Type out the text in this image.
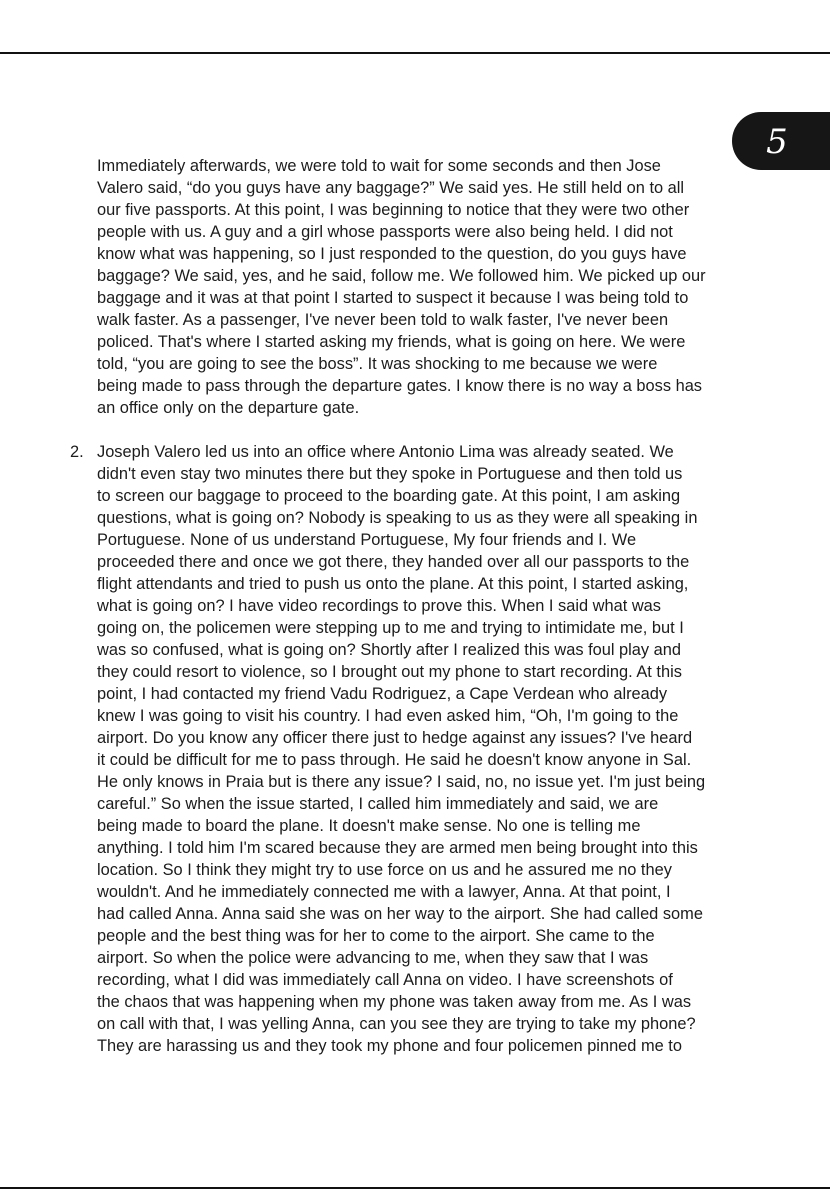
5
Immediately afterwards, we were told to wait for some seconds and then Jose
Valero said, “do you guys have any baggage?” We said yes. He still held on to all
our five passports. At this point, I was beginning to notice that they were two other
people with us. A guy and a girl whose passports were also being held. I did not
know what was happening, so I just responded to the question, do you guys have
baggage? We said, yes, and he said, follow me. We followed him. We picked up our
baggage and it was at that point I started to suspect it because I was being told to
walk faster. As a passenger, I've never been told to walk faster, I've never been
policed. That's where I started asking my friends, what is going on here. We were
told, “you are going to see the boss”. It was shocking to me because we were
being made to pass through the departure gates. I know there is no way a boss has
an office only on the departure gate.
2. Joseph Valero led us into an office where Antonio Lima was already seated. We
didn't even stay two minutes there but they spoke in Portuguese and then told us
to screen our baggage to proceed to the boarding gate. At this point, I am asking
questions, what is going on? Nobody is speaking to us as they were all speaking in
Portuguese. None of us understand Portuguese, My four friends and I. We
proceeded there and once we got there, they handed over all our passports to the
flight attendants and tried to push us onto the plane. At this point, I started asking,
what is going on? I have video recordings to prove this. When I said what was
going on, the policemen were stepping up to me and trying to intimidate me, but I
was so confused, what is going on? Shortly after I realized this was foul play and
they could resort to violence, so I brought out my phone to start recording. At this
point, I had contacted my friend Vadu Rodriguez, a Cape Verdean who already
knew I was going to visit his country. I had even asked him, “Oh, I'm going to the
airport. Do you know any officer there just to hedge against any issues? I've heard
it could be difficult for me to pass through. He said he doesn't know anyone in Sal.
He only knows in Praia but is there any issue? I said, no, no issue yet. I'm just being
careful.” So when the issue started, I called him immediately and said, we are
being made to board the plane. It doesn't make sense. No one is telling me
anything. I told him I'm scared because they are armed men being brought into this
location. So I think they might try to use force on us and he assured me no they
wouldn't. And he immediately connected me with a lawyer, Anna. At that point, I
had called Anna. Anna said she was on her way to the airport. She had called some
people and the best thing was for her to come to the airport. She came to the
airport. So when the police were advancing to me, when they saw that I was
recording, what I did was immediately call Anna on video. I have screenshots of
the chaos that was happening when my phone was taken away from me. As I was
on call with that, I was yelling Anna, can you see they are trying to take my phone?
They are harassing us and they took my phone and four policemen pinned me to
